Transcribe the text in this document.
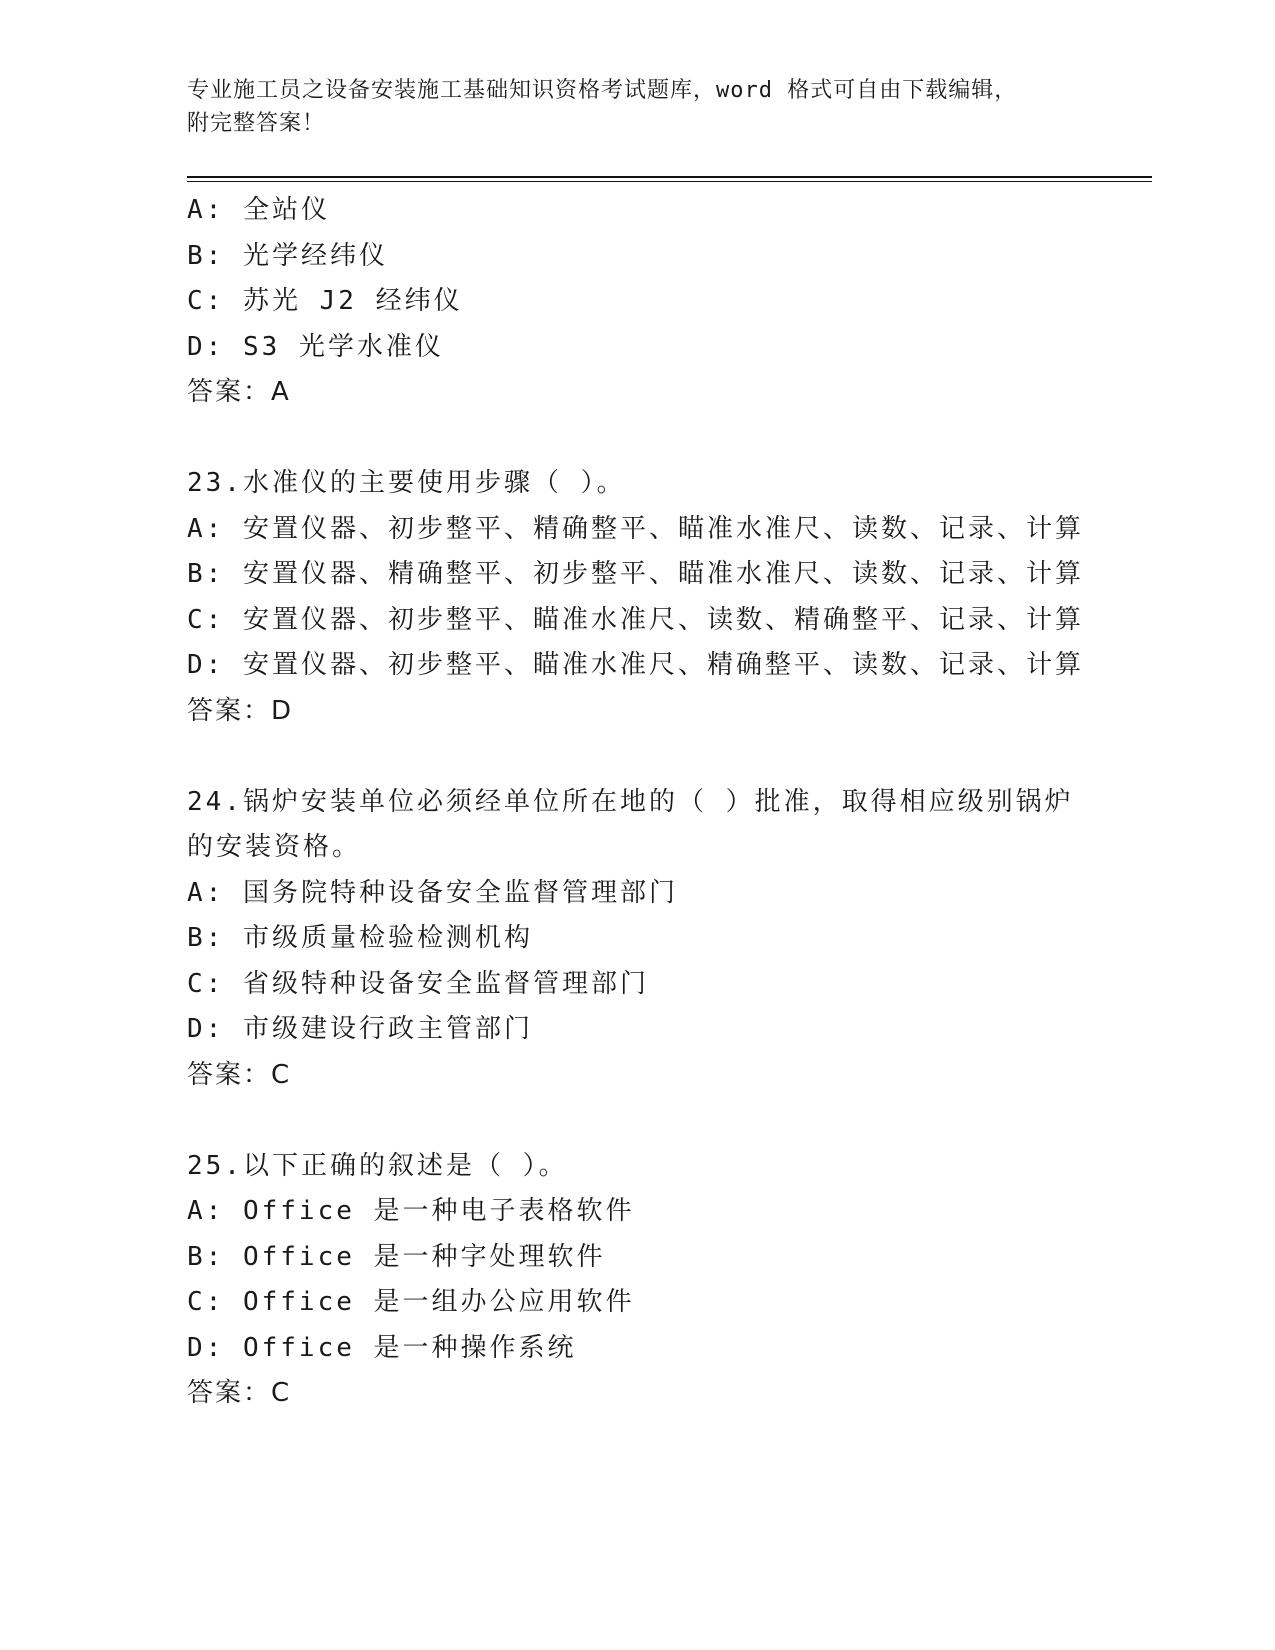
专业施工员之设备安装施工基础知识资格考试题库，word 格式可自由下载编辑，
附完整答案！

A: 全站仪

B: 光学经纬仪

C: 苏光 J2 经纬仪

D: S3 光学水准仪

答案：A

23.水准仪的主要使用步骤（ ）。

A: 安置仪器、初步整平、精确整平、瞄准水准尺、读数、记录、计算

B: 安置仪器、精确整平、初步整平、瞄准水准尺、读数、记录、计算

C: 安置仪器、初步整平、瞄准水准尺、读数、精确整平、记录、计算

D: 安置仪器、初步整平、瞄准水准尺、精确整平、读数、记录、计算

答案：D

24.锅炉安装单位必须经单位所在地的（ ）批准，取得相应级别锅炉

的安装资格。

A: 国务院特种设备安全监督管理部门

B: 市级质量检验检测机构

C: 省级特种设备安全监督管理部门

D: 市级建设行政主管部门

答案：C

25.以下正确的叙述是（ ）。

A: Office 是一种电子表格软件

B: Office 是一种字处理软件

C: Office 是一组办公应用软件

D: Office 是一种操作系统

答案：C
